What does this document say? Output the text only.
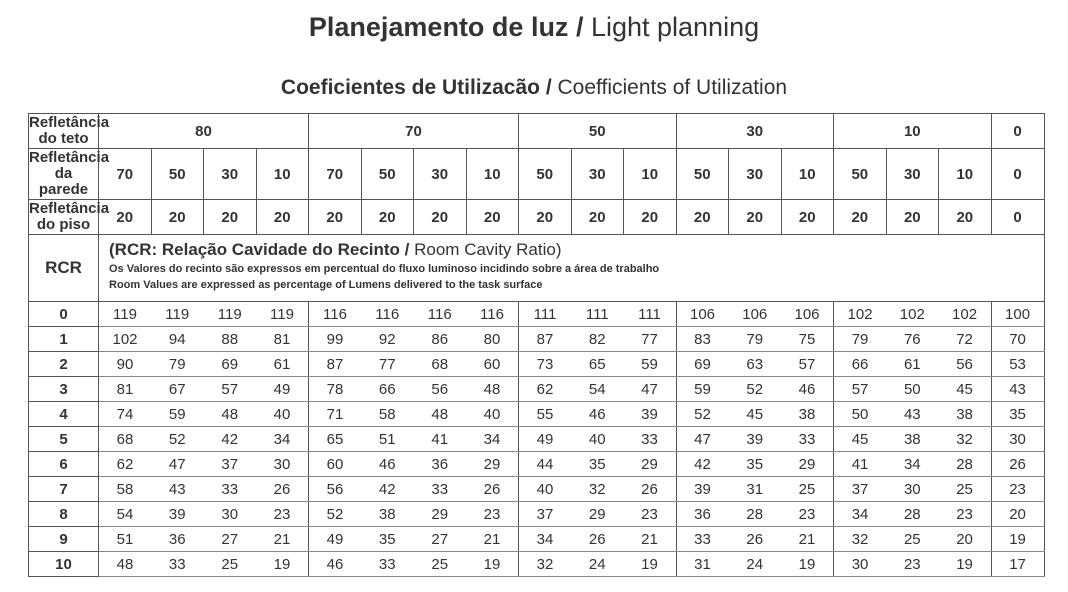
Planejamento de luz / Light planning
Coeficientes de Utilizacão / Coefficients of Utilization
Refletância
do teto	80				70				50			30			10			0
Refletância
da parede	70	50	30	10	70	50	30	10	50	30	10	50	30	10	50	30	10	0
Refletância
do piso	20	20	20	20	20	20	20	20	20	20	20	20	20	20	20	20	20	0
RCR	(RCR: Relação Cavidade do Recinto / Room Cavity Ratio)
Os Valores do recinto são expressos em percentual do fluxo luminoso incidindo sobre a área de trabalho
Room Values are expressed as percentage of Lumens delivered to the task surface																	

0	119	119	119	119	116	116	116	116	111	111	111	106	106	106	102	102	102	100
1	102	94	88	81	99	92	86	80	87	82	77	83	79	75	79	76	72	70
2	90	79	69	61	87	77	68	60	73	65	59	69	63	57	66	61	56	53
3	81	67	57	49	78	66	56	48	62	54	47	59	52	46	57	50	45	43
4	74	59	48	40	71	58	48	40	55	46	39	52	45	38	50	43	38	35
5	68	52	42	34	65	51	41	34	49	40	33	47	39	33	45	38	32	30
6	62	47	37	30	60	46	36	29	44	35	29	42	35	29	41	34	28	26
7	58	43	33	26	56	42	33	26	40	32	26	39	31	25	37	30	25	23
8	54	39	30	23	52	38	29	23	37	29	23	36	28	23	34	28	23	20
9	51	36	27	21	49	35	27	21	34	26	21	33	26	21	32	25	20	19
10	48	33	25	19	46	33	25	19	32	24	19	31	24	19	30	23	19	17
